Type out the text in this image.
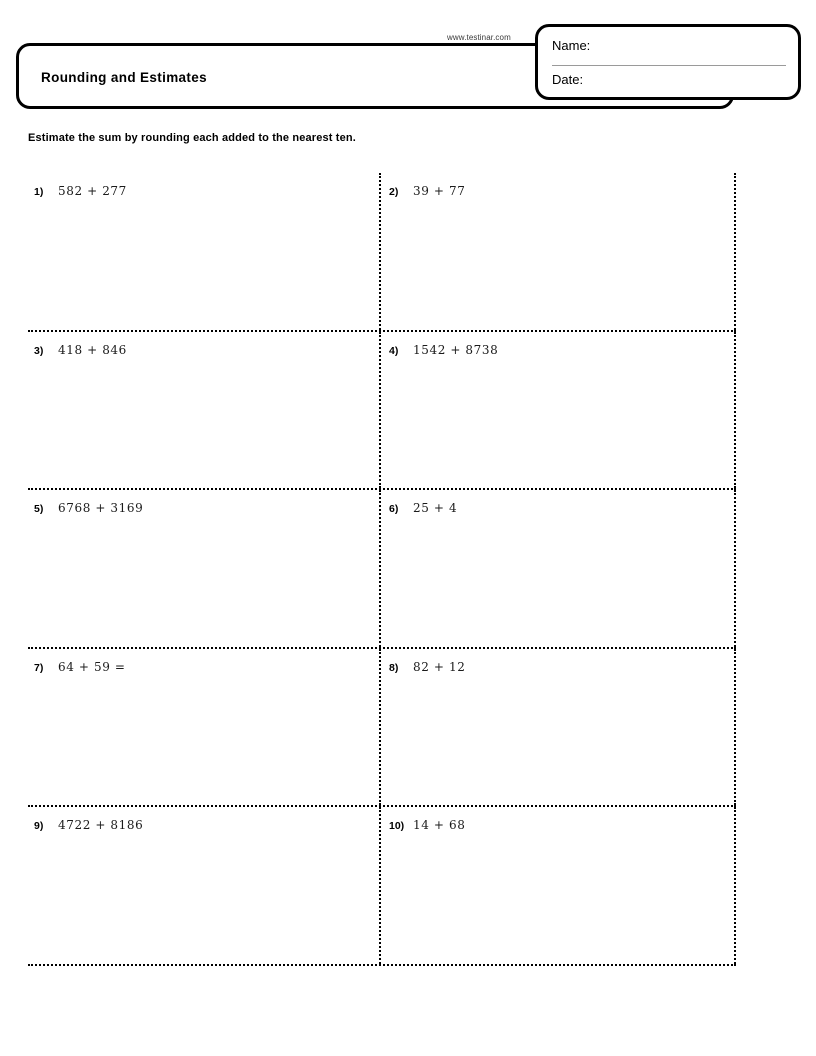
Rounding and Estimates
www.testinar.com
Name:
Date:
Estimate the sum by rounding each added to the nearest ten.
1)	582 + 277	2)	39 + 77
3)	418 + 846	4)	1542 + 8738
5)	6768 + 3169	6)	25 + 4
7)	64 + 59 =	8)	82 + 12
9)	4722 + 8186	10) 14 + 68
